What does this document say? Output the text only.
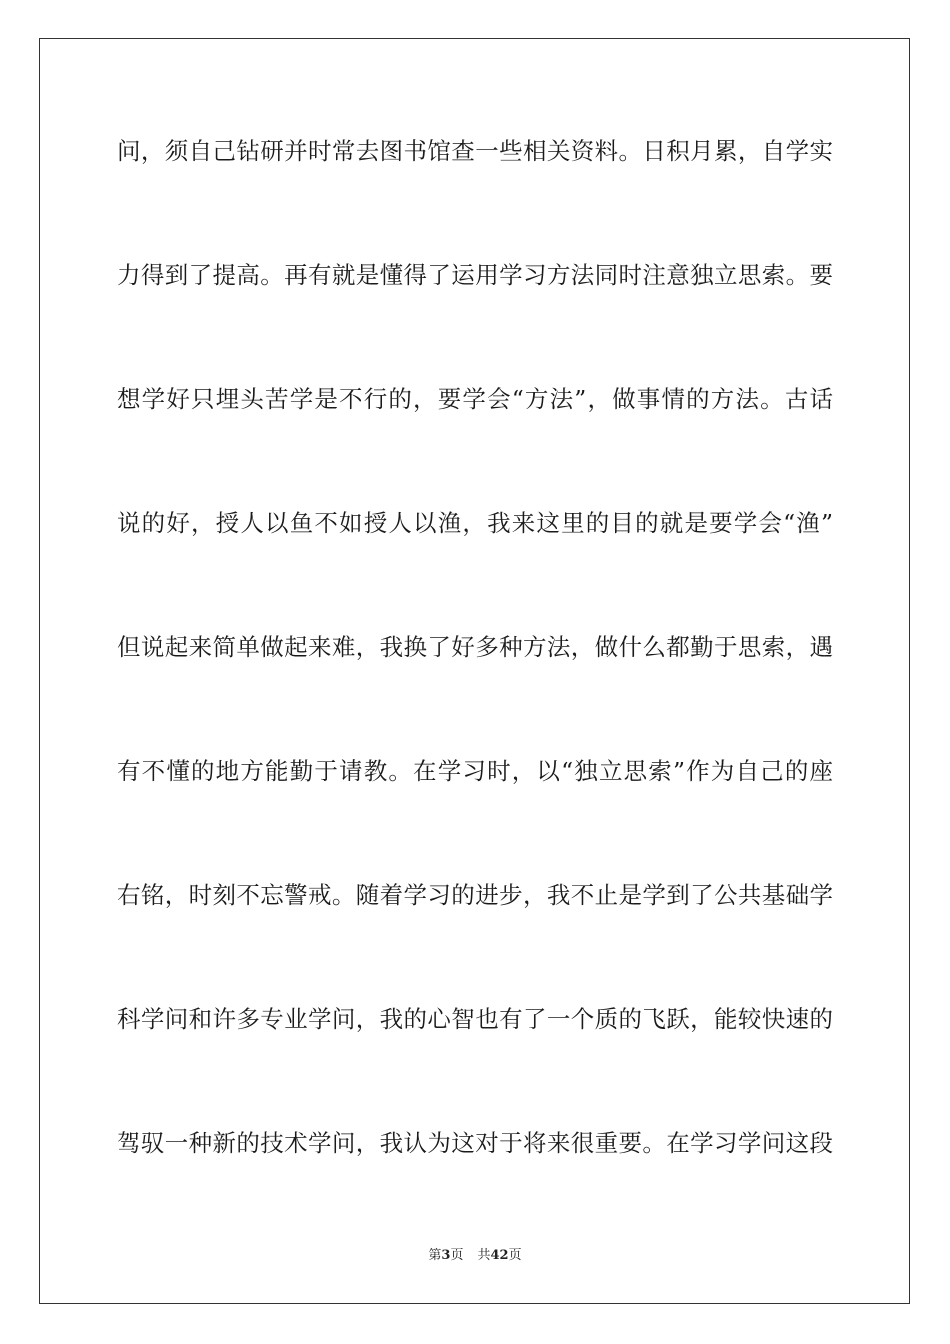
问，须自己钻研并时常去图书馆查一些相关资料。日积月累，自学实
力得到了提高。再有就是懂得了运用学习方法同时注意独立思索。要
想学好只埋头苦学是不行的，要学会“方法”，做事情的方法。古话
说的好，授人以鱼不如授人以渔，我来这里的目的就是要学会“渔”
但说起来简单做起来难，我换了好多种方法，做什么都勤于思索，遇
有不懂的地方能勤于请教。在学习时，以“独立思索”作为自己的座
右铭，时刻不忘警戒。随着学习的进步，我不止是学到了公共基础学
科学问和许多专业学问，我的心智也有了一个质的飞跃，能较快速的
驾驭一种新的技术学问，我认为这对于将来很重要。在学习学问这段
第3页 共42页
